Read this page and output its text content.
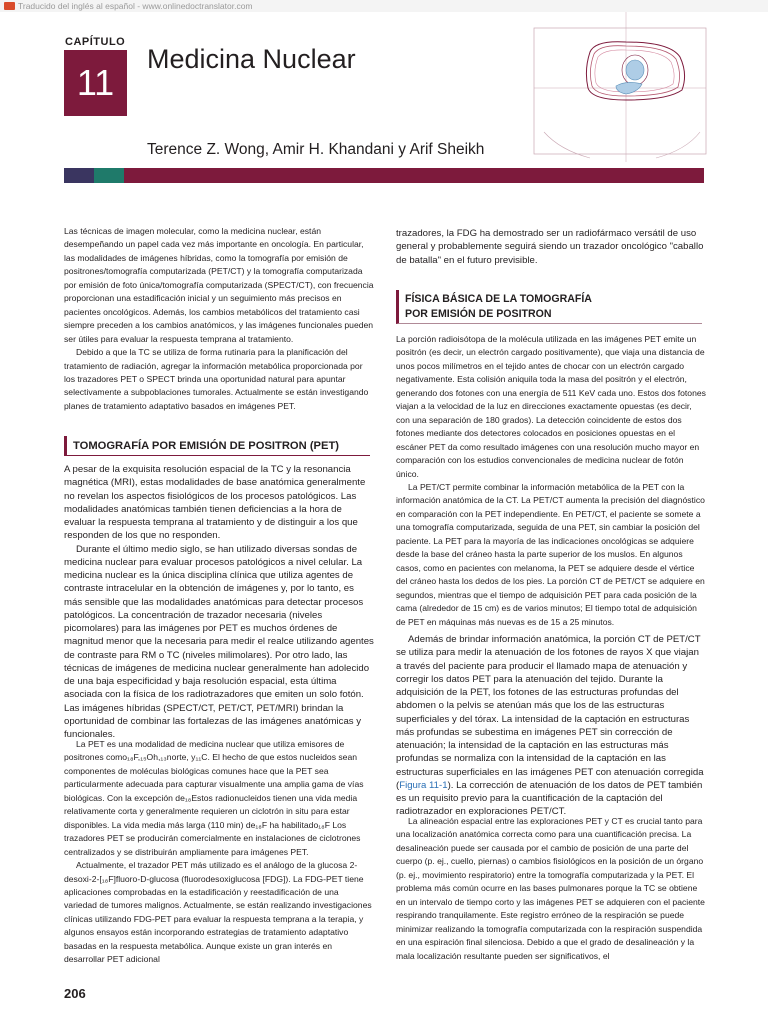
Traducido del inglés al español - www.onlinedoctranslator.com
CAPÍTULO
11
Medicina Nuclear
Terence Z. Wong, Amir H. Khandani y Arif Sheikh

Las técnicas de imagen molecular, como la medicina nuclear, están desempeñando un papel cada vez más importante en oncología. En particular, las modalidades de imágenes híbridas, como la tomografía por emisión de positrones/tomografía computarizada (PET/CT) y la tomografía computarizada por emisión de foto única/tomografía computarizada (SPECT/CT), con frecuencia proporcionan una estadificación inicial y un seguimiento más precisos en pacientes oncológicos. Además, los cambios metabólicos del tratamiento casi siempre preceden a los cambios anatómicos, y las imágenes funcionales pueden ser útiles para evaluar la respuesta temprana al tratamiento.

Debido a que la TC se utiliza de forma rutinaria para la planificación del tratamiento de radiación, agregar la información metabólica proporcionada por los trazadores PET o SPECT brinda una oportunidad natural para apuntar selectivamente a subpoblaciones tumorales. Actualmente se están investigando planes de tratamiento adaptativo basados en imágenes PET.

TOMOGRAFÍA POR EMISIÓN DE POSITRON (PET)

A pesar de la exquisita resolución espacial de la TC y la resonancia magnética (MRI), estas modalidades de base anatómica generalmente no revelan los aspectos fisiológicos de los procesos patológicos. Las modalidades anatómicas también tienen deficiencias a la hora de evaluar la respuesta temprana al tratamiento y de distinguir a los que responden de los que no responden.

Durante el último medio siglo, se han utilizado diversas sondas de medicina nuclear para evaluar procesos patológicos a nivel celular. La medicina nuclear es la única disciplina clínica que utiliza agentes de contraste intracelular en la obtención de imágenes y, por lo tanto, es más sensible que las modalidades anatómicas para detectar procesos patológicos. La concentración de trazador necesaria (niveles picomolares) para las imágenes por PET es muchos órdenes de magnitud menor que la necesaria para medir el realce utilizando agentes de contraste para RM o TC (niveles milimolares). Por otro lado, las técnicas de imágenes de medicina nuclear generalmente han adolecido de una baja especificidad y baja resolución espacial, esta última asociada con la física de los radiotrazadores que emiten un solo fotón. Las imágenes híbridas (SPECT/CT, PET/CT, PET/MRI) brindan la oportunidad de combinar las fortalezas de las imágenes anatómicas y funcionales.

La PET es una modalidad de medicina nuclear que utiliza emisores de positrones como₁₈F,₁₅Oh,₁₃norte, y₁₁C. El hecho de que estos nucleidos sean componentes de moléculas biológicas comunes hace que la PET sea particularmente adecuada para capturar visualmente una amplia gama de vías biológicas. Con la excepción de₁₈Estos radionucleidos tienen una vida media relativamente corta y generalmente requieren un ciclotrón in situ para estar disponibles. La vida media más larga (110 min) de₁₈F ha habilitado₁₈F Los trazadores PET se producirán comercialmente en instalaciones de ciclotrones centralizados y se distribuirán ampliamente para imágenes PET.

Actualmente, el trazador PET más utilizado es el análogo de la glucosa 2-desoxi-2-[₁₈F]fluoro-D-glucosa (fluorodesoxiglucosa [FDG]). La FDG-PET tiene aplicaciones comprobadas en la estadificación y reestadificación de una variedad de tumores malignos. Actualmente, se están realizando investigaciones clínicas utilizando FDG-PET para evaluar la respuesta temprana a la terapia, y algunos ensayos están incorporando estrategias de tratamiento adaptativo basadas en la respuesta metabólica. Aunque existe un gran interés en desarrollar PET adicional

trazadores, la FDG ha demostrado ser un radiofármaco versátil de uso general y probablemente seguirá siendo un trazador oncológico "caballo de batalla" en el futuro previsible.

FÍSICA BÁSICA DE LA TOMOGRAFÍA
POR EMISIÓN DE POSITRON

La porción radioisótopa de la molécula utilizada en las imágenes PET emite un positrón (es decir, un electrón cargado positivamente), que viaja una distancia de unos pocos milímetros en el tejido antes de chocar con un electrón cargado negativamente. Esta colisión aniquila toda la masa del positrón y el electrón, generando dos fotones con una energía de 511 KeV cada uno. Estos dos fotones viajan a la velocidad de la luz en direcciones exactamente opuestas (es decir, con una separación de 180 grados). La detección coincidente de estos dos fotones mediante dos detectores colocados en posiciones opuestas en el escáner PET da como resultado imágenes con una resolución mucho mayor en comparación con los estudios convencionales de medicina nuclear de fotón único.

La PET/CT permite combinar la información metabólica de la PET con la información anatómica de la CT. La PET/CT aumenta la precisión del diagnóstico en comparación con la PET independiente. En PET/CT, el paciente se somete a una tomografía computarizada, seguida de una PET, sin cambiar la posición del paciente. La PET para la mayoría de las indicaciones oncológicas se adquiere desde la base del cráneo hasta la parte superior de los muslos. En algunos casos, como en pacientes con melanoma, la PET se adquiere desde el vértice del cráneo hasta los dedos de los pies. La porción CT de PET/CT se adquiere en segundos, mientras que el tiempo de adquisición PET para cada posición de la cama (alrededor de 15 cm) es de varios minutos; El tiempo total de adquisición de PET en máquinas más nuevas es de 15 a 25 minutos.

Además de brindar información anatómica, la porción CT de PET/CT se utiliza para medir la atenuación de los fotones de rayos X que viajan a través del paciente para producir el llamado mapa de atenuación y corregir los datos PET para la atenuación del tejido. Durante la adquisición de la PET, los fotones de las estructuras profundas del abdomen o la pelvis se atenúan más que los de las estructuras superficiales y del tórax. La intensidad de la captación en estructuras más profundas se subestima en imágenes PET sin corrección de atenuación; la intensidad de la captación en las estructuras más profundas se normaliza con la intensidad de la captación en las estructuras superficiales en las imágenes PET con atenuación corregida (Figura 11-1). La corrección de atenuación de los datos de PET también es un requisito previo para la cuantificación de la captación del radiotrazador en exploraciones PET/CT.

La alineación espacial entre las exploraciones PET y CT es crucial tanto para una localización anatómica correcta como para una cuantificación precisa. La desalineación puede ser causada por el cambio de posición de una parte del cuerpo (p. ej., cuello, piernas) o cambios fisiológicos en la posición de un órgano (p. ej., movimiento respiratorio) entre la tomografía computarizada y la PET. El problema más común ocurre en las bases pulmonares porque la TC se obtiene en un intervalo de tiempo corto y las imágenes PET se adquieren con el paciente respirando tranquilamente. Este registro erróneo de la respiración se puede minimizar realizando la tomografía computarizada con la respiración suspendida en una espiración final silenciosa. Debido a que el grado de desalineación y la mala localización resultante pueden ser significativos, el

206
